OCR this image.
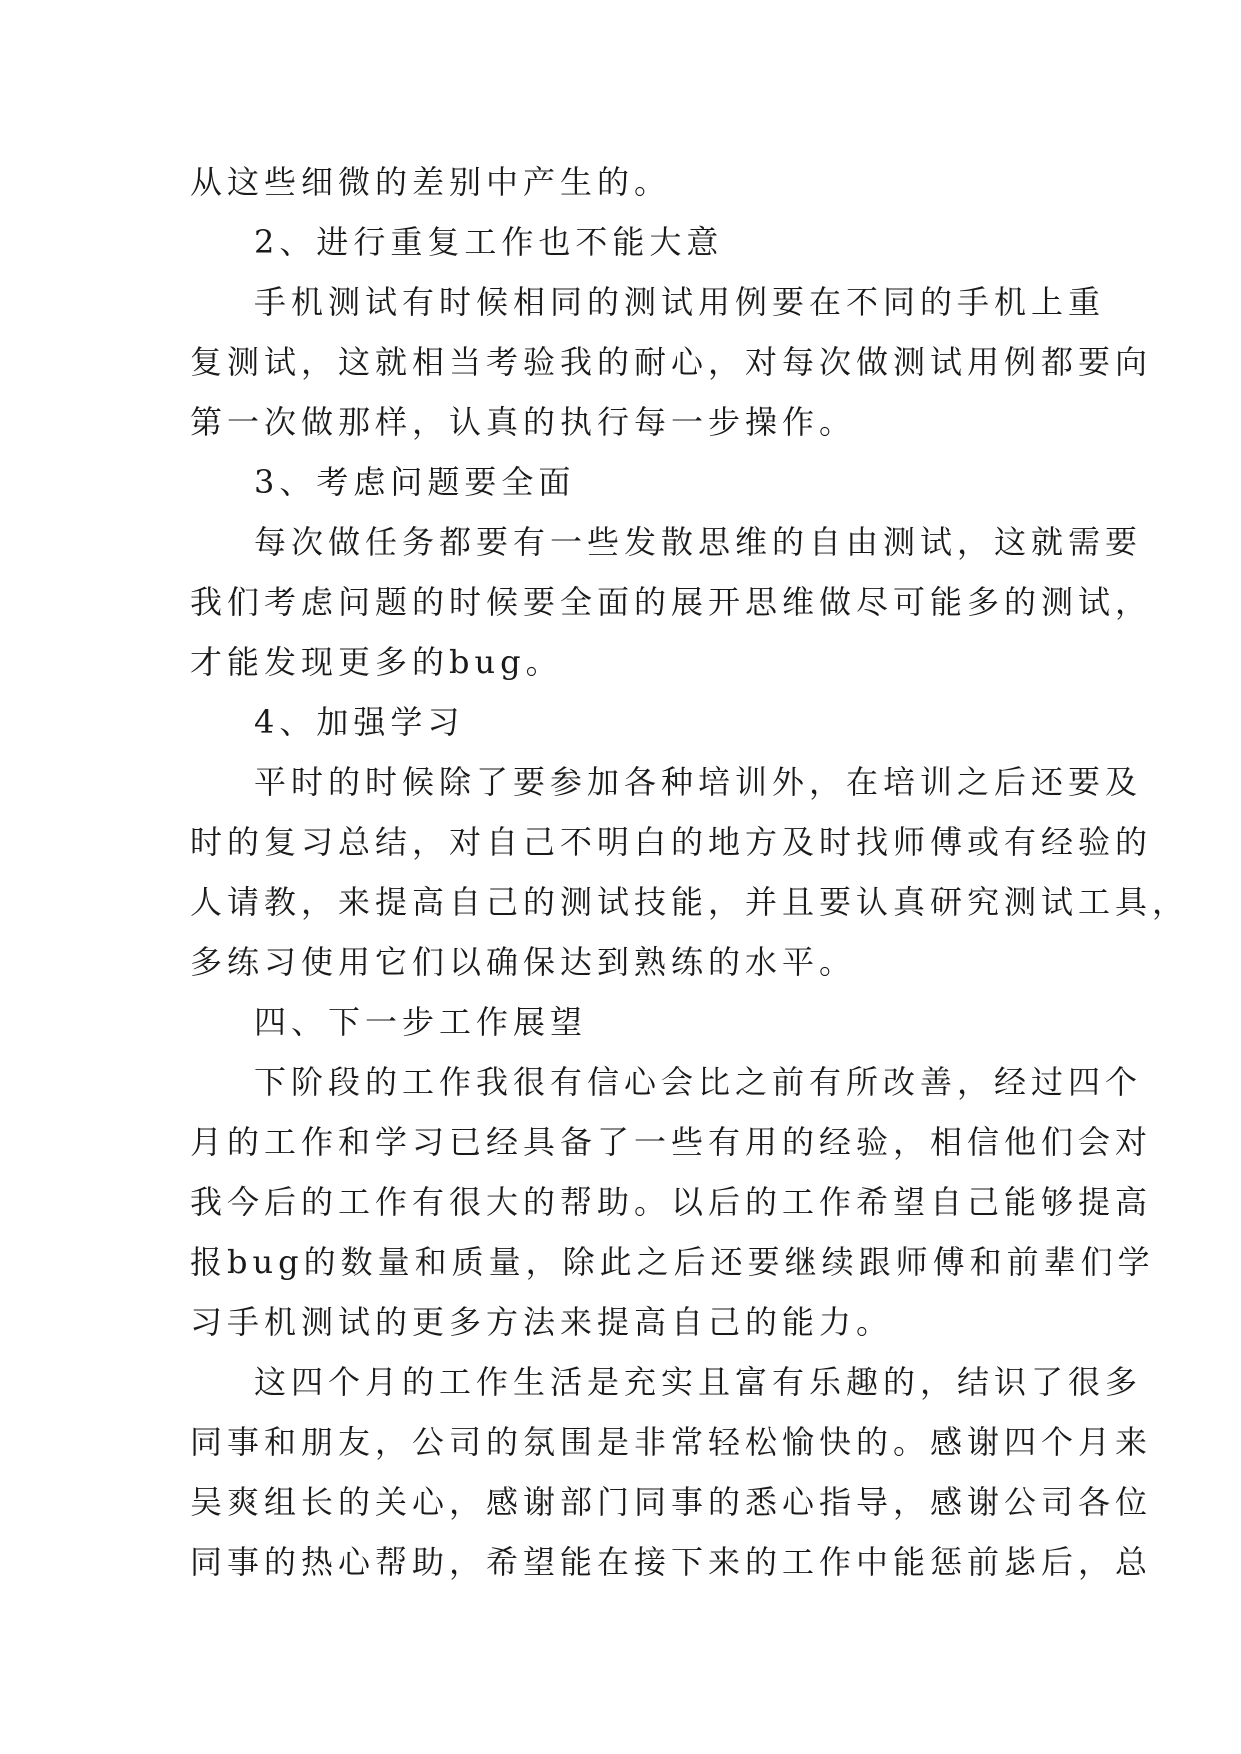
从这些细微的差别中产生的。
2、进行重复工作也不能大意
手机测试有时候相同的测试用例要在不同的手机上重
复测试，这就相当考验我的耐心，对每次做测试用例都要向
第一次做那样，认真的执行每一步操作。
3、考虑问题要全面
每次做任务都要有一些发散思维的自由测试，这就需要
我们考虑问题的时候要全面的展开思维做尽可能多的测试，
才能发现更多的bug。
4、加强学习
平时的时候除了要参加各种培训外，在培训之后还要及
时的复习总结，对自己不明白的地方及时找师傅或有经验的
人请教，来提高自己的测试技能，并且要认真研究测试工具，
多练习使用它们以确保达到熟练的水平。
四、下一步工作展望
下阶段的工作我很有信心会比之前有所改善，经过四个
月的工作和学习已经具备了一些有用的经验，相信他们会对
我今后的工作有很大的帮助。以后的工作希望自己能够提高
报bug的数量和质量，除此之后还要继续跟师傅和前辈们学
习手机测试的更多方法来提高自己的能力。
这四个月的工作生活是充实且富有乐趣的，结识了很多
同事和朋友，公司的氛围是非常轻松愉快的。感谢四个月来
吴爽组长的关心，感谢部门同事的悉心指导，感谢公司各位
同事的热心帮助，希望能在接下来的工作中能惩前毖后，总
